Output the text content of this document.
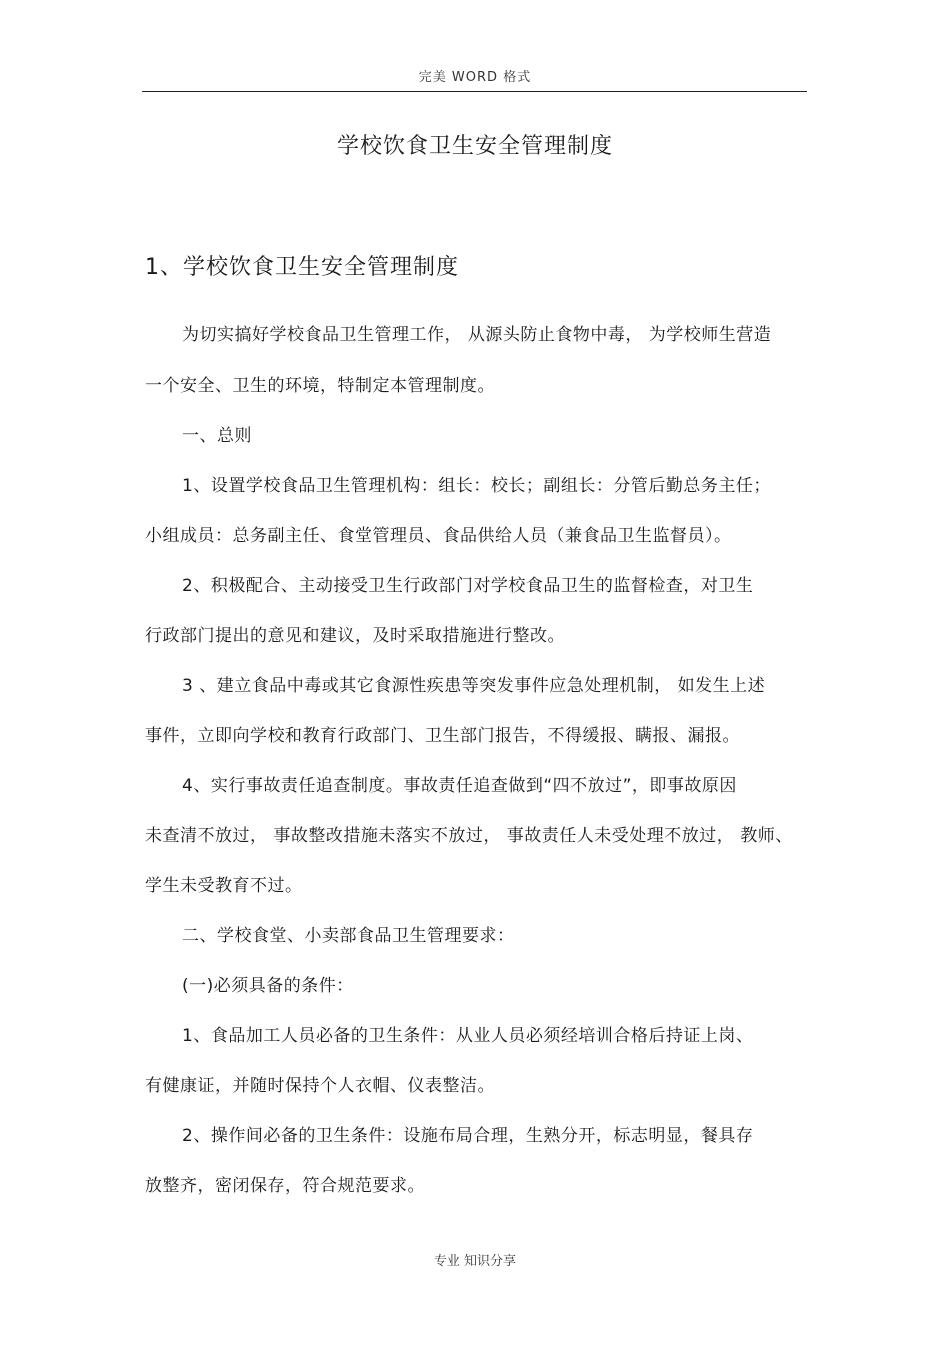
完美 WORD 格式
学校饮食卫生安全管理制度
1、学校饮食卫生安全管理制度
为切实搞好学校食品卫生管理工作， 从源头防止食物中毒， 为学校师生营造
一个安全、卫生的环境，特制定本管理制度。
一、总则
1、设置学校食品卫生管理机构：组长：校长；副组长：分管后勤总务主任；
小组成员：总务副主任、食堂管理员、食品供给人员（兼食品卫生监督员）。
2、积极配合、主动接受卫生行政部门对学校食品卫生的监督检查，对卫生
行政部门提出的意见和建议，及时采取措施进行整改。
3 、建立食品中毒或其它食源性疾患等突发事件应急处理机制， 如发生上述
事件，立即向学校和教育行政部门、卫生部门报告，不得缓报、瞒报、漏报。
4、实行事故责任追查制度。事故责任追查做到“四不放过”，即事故原因
未查清不放过， 事故整改措施未落实不放过， 事故责任人未受处理不放过， 教师、
学生未受教育不过。
二、学校食堂、小卖部食品卫生管理要求：
(一)必须具备的条件：
1、食品加工人员必备的卫生条件：从业人员必须经培训合格后持证上岗、
有健康证，并随时保持个人衣帽、仪表整洁。
2、操作间必备的卫生条件：设施布局合理，生熟分开，标志明显，餐具存
放整齐，密闭保存，符合规范要求。
专业 知识分享
